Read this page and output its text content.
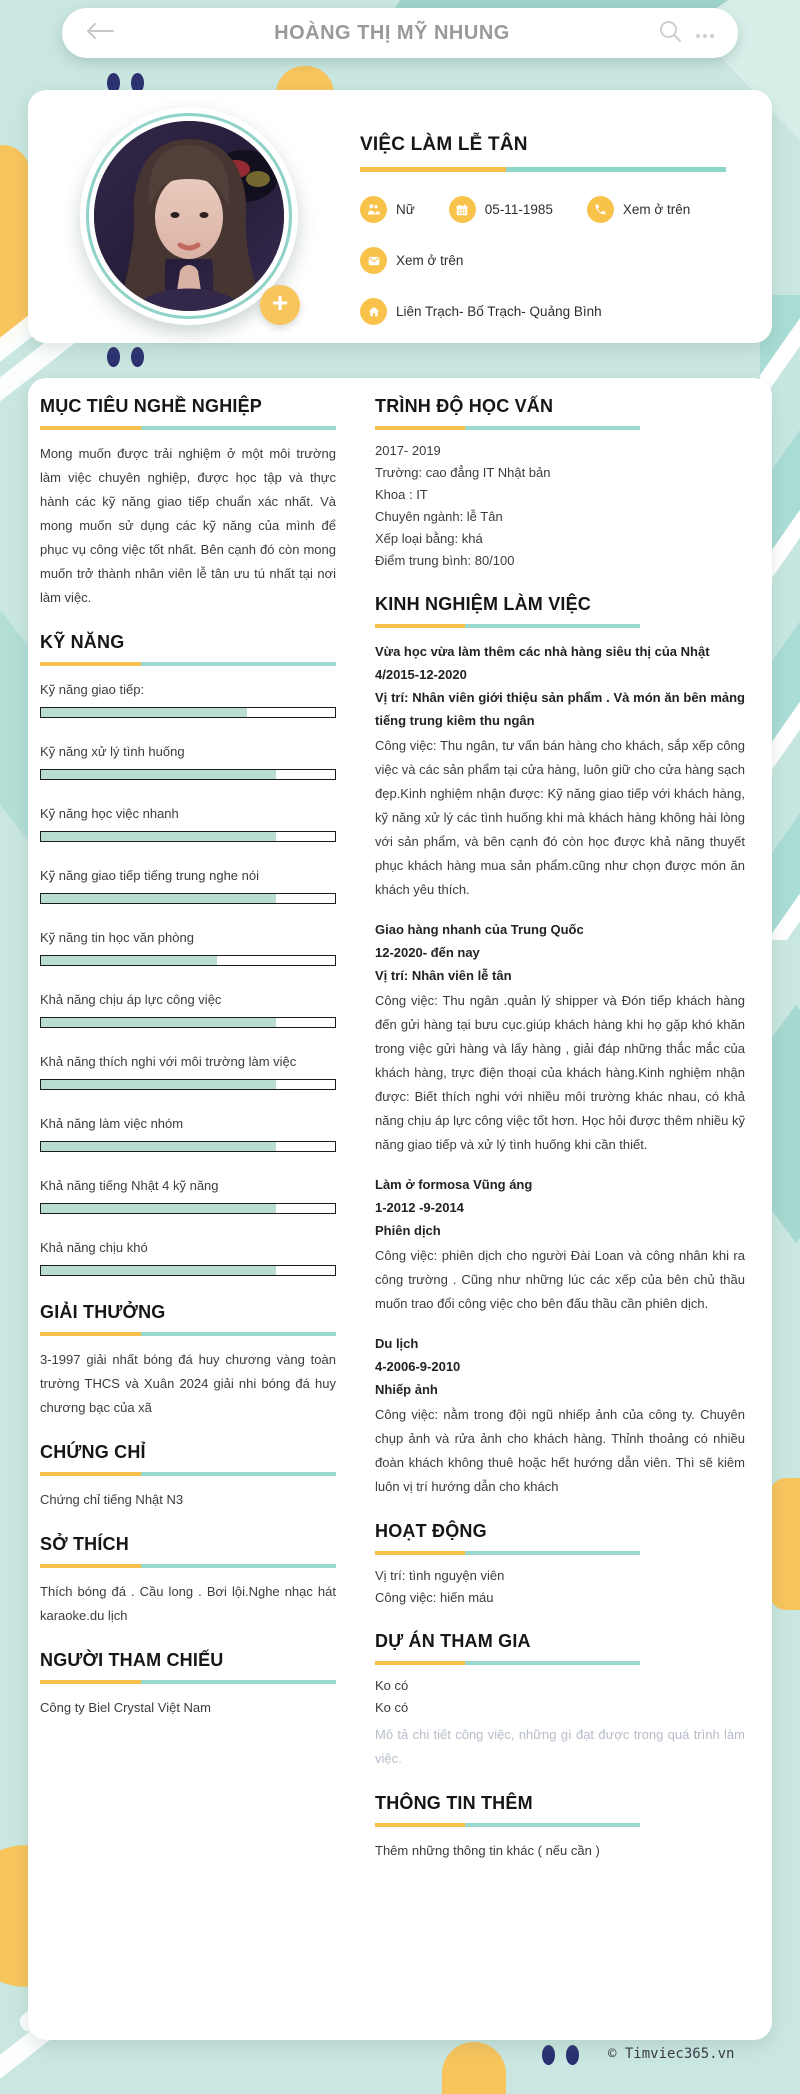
HOÀNG THỊ MỸ NHUNG
+
VIỆC LÀM LỄ TÂN
Nữ	05-11-1985	Xem ở trên
Xem ở trên
Liên Trạch- Bố Trạch- Quảng Bình
MỤC TIÊU NGHỀ NGHIỆP
Mong muốn được trải nghiệm ở một môi trường làm việc chuyên nghiệp, được học tập và thực hành các kỹ năng giao tiếp chuẩn xác nhất. Và mong muốn sử dụng các kỹ năng của mình để phục vụ công việc tốt nhất. Bên cạnh đó còn mong muốn trở thành nhân viên lễ tân ưu tú nhất tại nơi làm việc.
KỸ NĂNG
Kỹ năng giao tiếp:
Kỹ năng xử lý tình huống
Kỹ năng học việc nhanh
Kỹ năng giao tiếp tiếng trung nghe nói
Kỹ năng tin học văn phòng
Khả năng chịu áp lực công việc
Khả năng thích nghi với môi trường làm việc
Khả năng làm việc nhóm
Khả năng tiếng Nhật 4 kỹ năng
Khả năng chịu khó
GIẢI THƯỞNG
3-1997 giải nhất bóng đá huy chương vàng toàn trường THCS và Xuân 2024 giải nhi bóng đá huy chương bạc của xã
CHỨNG CHỈ
Chứng chỉ tiếng Nhật N3
SỞ THÍCH
Thích bóng đá . Cầu long . Bơi lội.Nghe nhạc hát karaoke.du lịch
NGƯỜI THAM CHIẾU
Công ty Biel Crystal Việt Nam
TRÌNH ĐỘ HỌC VẤN
2017- 2019
Trường: cao đẳng IT Nhật bản
Khoa : IT
Chuyên ngành: lễ Tân
Xếp loại bằng: khá
Điểm trung bình: 80/100
KINH NGHIỆM LÀM VIỆC
Vừa học vừa làm thêm các nhà hàng siêu thị của Nhật
4/2015-12-2020
Vị trí: Nhân viên giới thiệu sản phẩm . Và món ăn bên mảng tiếng trung kiêm thu ngân
Công việc: Thu ngân, tư vấn bán hàng cho khách, sắp xếp công việc và các sản phẩm tại cửa hàng, luôn giữ cho cửa hàng sạch đẹp.Kinh nghiệm nhận được: Kỹ năng giao tiếp với khách hàng, kỹ năng xử lý các tình huống khi mà khách hàng không hài lòng với sản phẩm, và bên cạnh đó còn học được khả năng thuyết phục khách hàng mua sản phẩm.cũng như chọn được món ăn khách yêu thích.
Giao hàng nhanh của Trung Quốc
12-2020- đến nay
Vị trí: Nhân viên lễ tân
Công việc: Thu ngân .quản lý shipper và Đón tiếp khách hàng đến gửi hàng tại bưu cục.giúp khách hàng khi họ gặp khó khăn trong việc gửi hàng và lấy hàng , giải đáp những thắc mắc của khách hàng, trực điện thoại của khách hàng.Kinh nghiệm nhận được: Biết thích nghi với nhiều môi trường khác nhau, có khả năng chịu áp lực công việc tốt hơn. Học hỏi được thêm nhiều kỹ năng giao tiếp và xử lý tình huống khi cần thiết.
Làm ở formosa Vũng áng
1-2012 -9-2014
Phiên dịch
Công việc: phiên dịch cho người Đài Loan và công nhân khi ra công trường . Cũng như những lúc các xếp của bên chủ thầu muốn trao đổi công việc cho bên đấu thầu cần phiên dịch.
Du lịch
4-2006-9-2010
Nhiếp ảnh
Công việc: nằm trong đội ngũ nhiếp ảnh của công ty. Chuyên chụp ảnh và rửa ảnh cho khách hàng. Thỉnh thoảng có nhiều đoàn khách không thuê hoặc hết hướng dẫn viên. Thì sẽ kiêm luôn vị trí hướng dẫn cho khách
HOẠT ĐỘNG
Vị trí: tình nguyện viên
Công việc: hiến máu
DỰ ÁN THAM GIA
Ko có
Ko có
Mô tả chi tiết công việc, những gì đạt được trong quá trình làm việc.
THÔNG TIN THÊM
Thêm những thông tin khác ( nếu cần )
© Timviec365.vn
